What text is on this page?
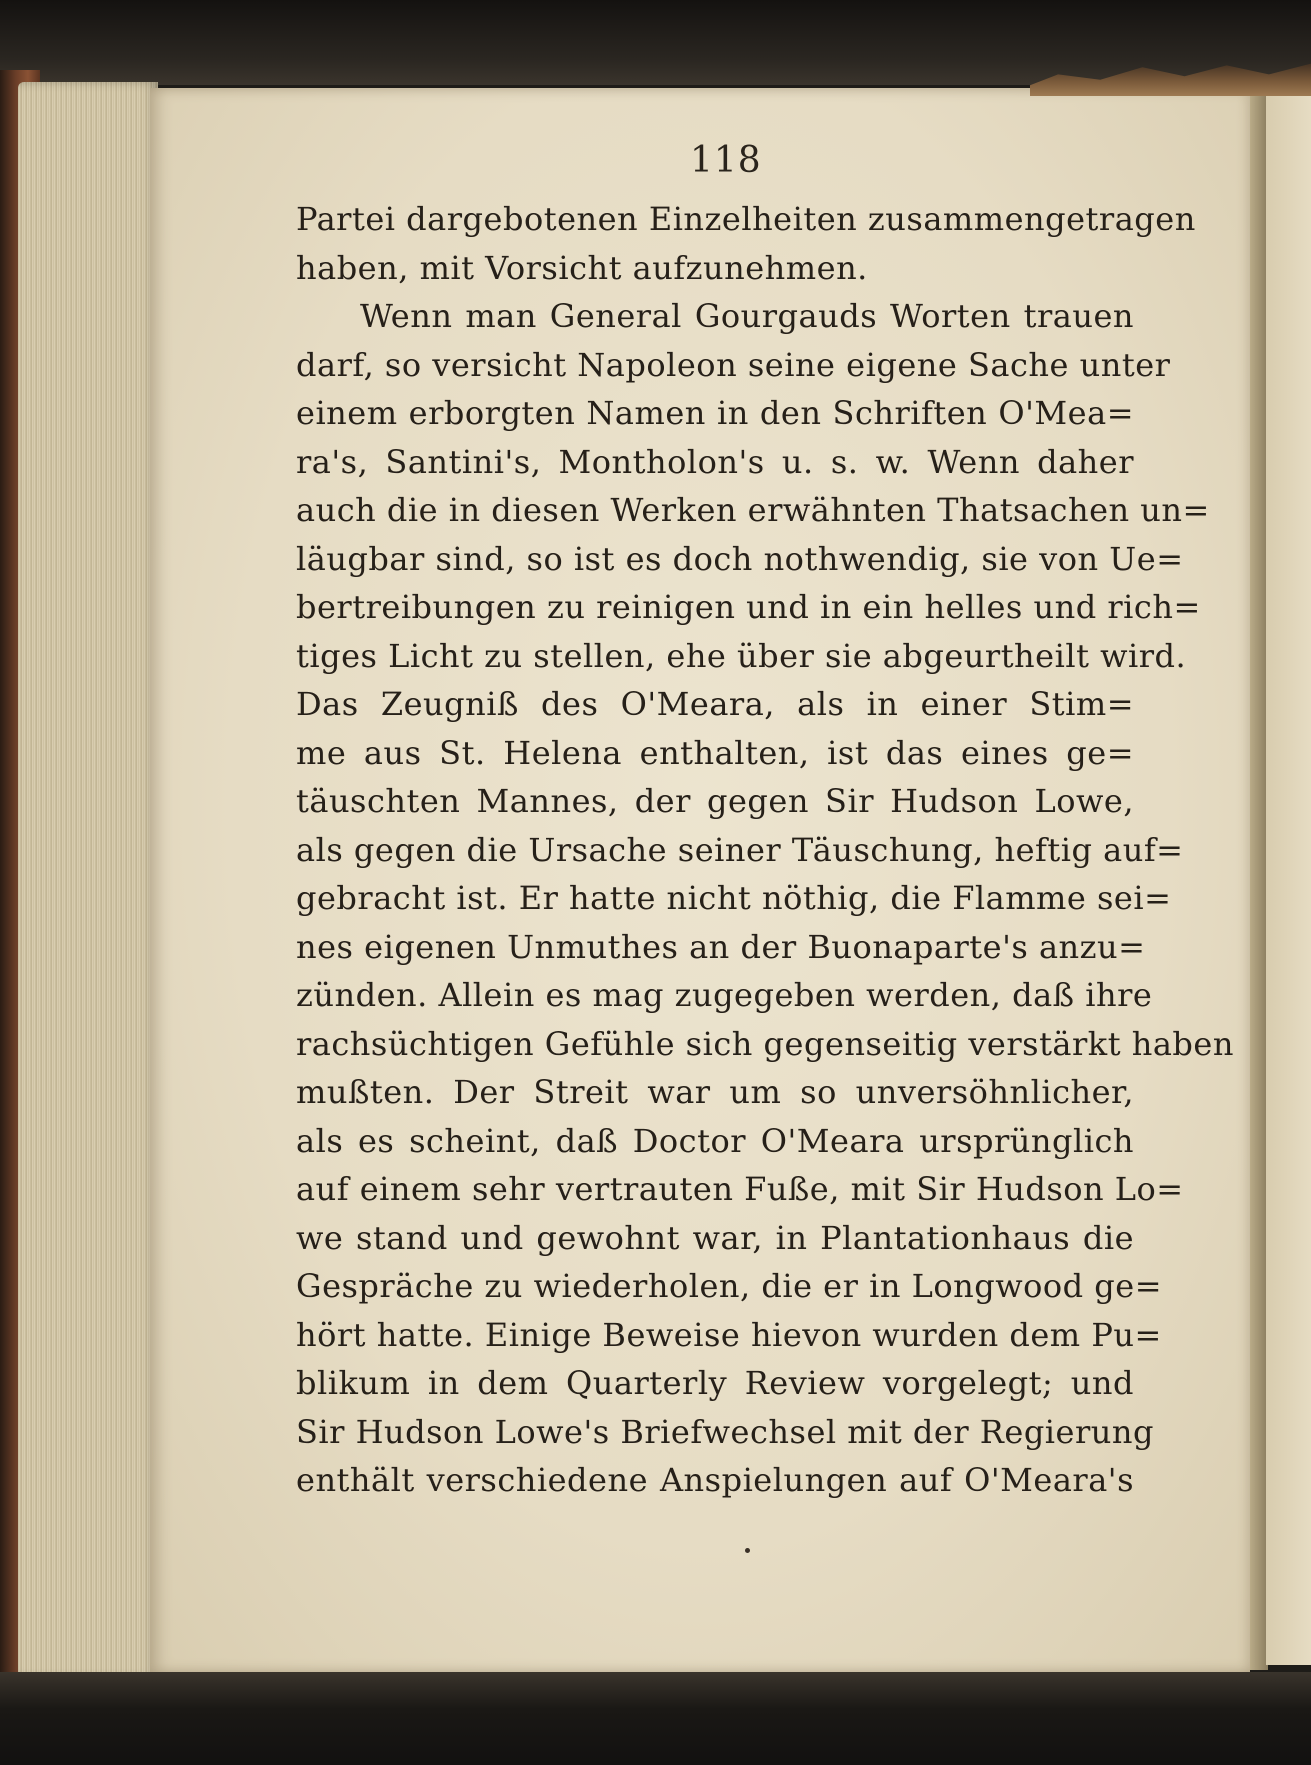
118
Partei dargebotenen Einzelheiten zusammengetragen
haben, mit Vorsicht aufzunehmen.
Wenn man General Gourgauds Worten trauen
darf, so versicht Napoleon seine eigene Sache unter
einem erborgten Namen in den Schriften O'Mea=
ra's, Santini's, Montholon's u. s. w. Wenn daher
auch die in diesen Werken erwähnten Thatsachen un=
läugbar sind, so ist es doch nothwendig, sie von Ue=
bertreibungen zu reinigen und in ein helles und rich=
tiges Licht zu stellen, ehe über sie abgeurtheilt wird.
Das Zeugniß des O'Meara, als in einer Stim=
me aus St. Helena enthalten, ist das eines ge=
täuschten Mannes, der gegen Sir Hudson Lowe,
als gegen die Ursache seiner Täuschung, heftig auf=
gebracht ist. Er hatte nicht nöthig, die Flamme sei=
nes eigenen Unmuthes an der Buonaparte's anzu=
zünden. Allein es mag zugegeben werden, daß ihre
rachsüchtigen Gefühle sich gegenseitig verstärkt haben
mußten. Der Streit war um so unversöhnlicher,
als es scheint, daß Doctor O'Meara ursprünglich
auf einem sehr vertrauten Fuße, mit Sir Hudson Lo=
we stand und gewohnt war, in Plantationhaus die
Gespräche zu wiederholen, die er in Longwood ge=
hört hatte. Einige Beweise hievon wurden dem Pu=
blikum in dem Quarterly Review vorgelegt; und
Sir Hudson Lowe's Briefwechsel mit der Regierung
enthält verschiedene Anspielungen auf O'Meara's
